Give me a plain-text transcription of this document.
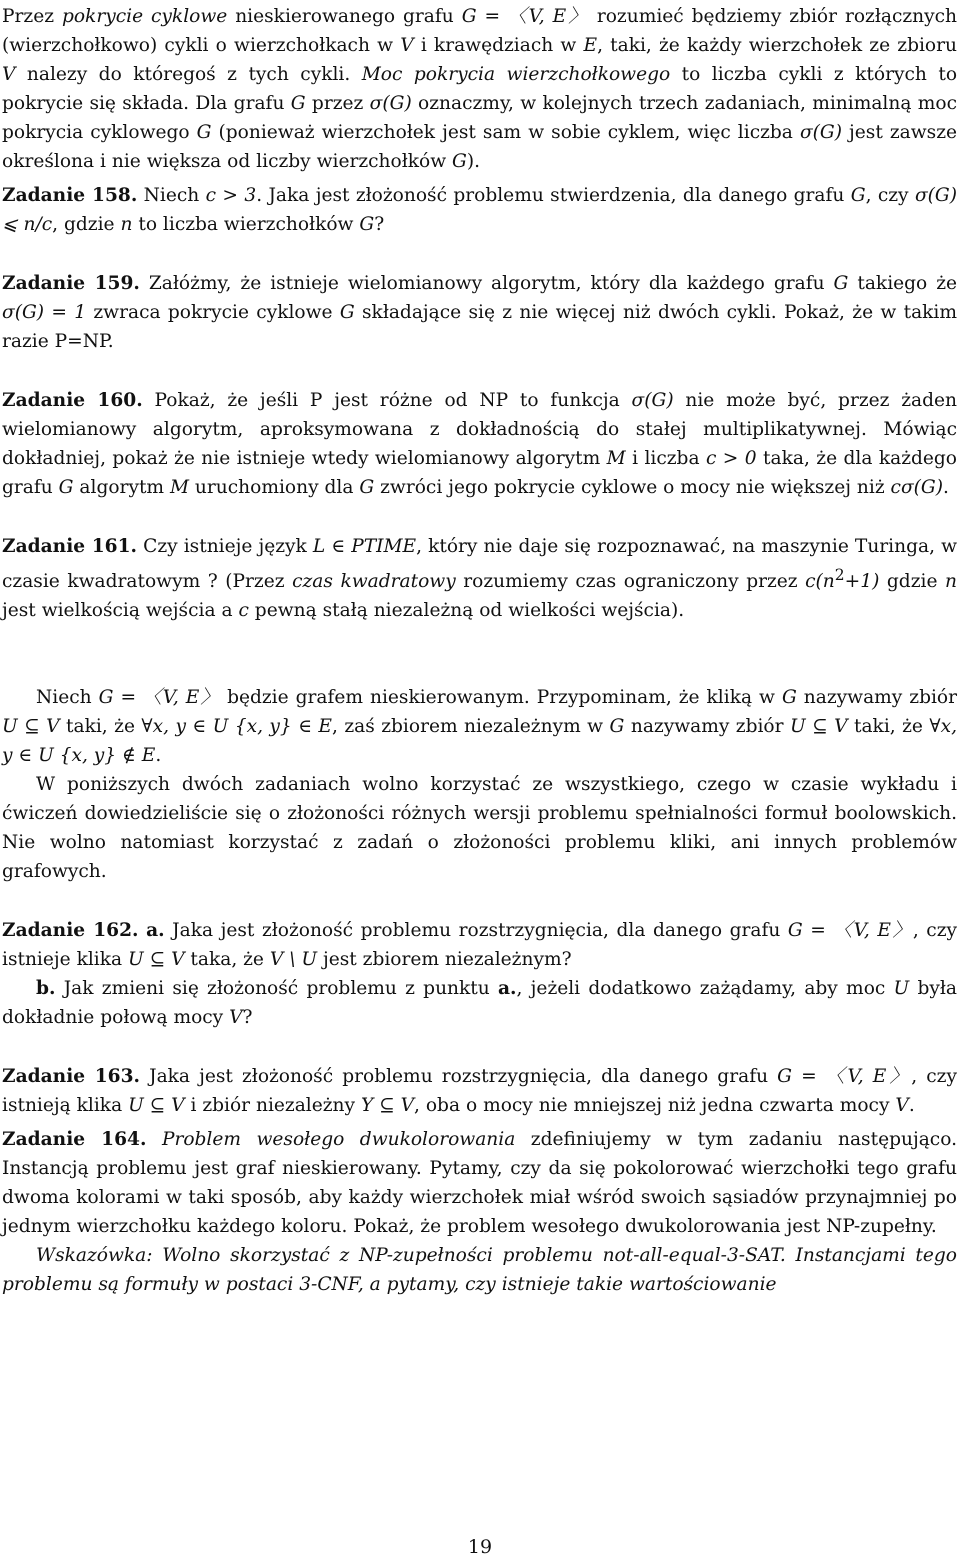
Przez pokrycie cyklowe nieskierowanego grafu G = 〈V, E〉 rozumieć będziemy zbiór rozłącznych (wierzchołkowo) cykli o wierzchołkach w V i krawędziach w E, taki, że każdy wierzchołek ze zbioru V nalezy do któregoś z tych cykli. Moc pokrycia wierzchołkowego to liczba cykli z których to pokrycie się składa. Dla grafu G przez σ(G) oznaczmy, w kolejnych trzech zadaniach, minimalną moc pokrycia cyklowego G (ponieważ wierzchołek jest sam w sobie cyklem, więc liczba σ(G) jest zawsze określona i nie większa od liczby wierzchołków G).

Zadanie 158. Niech c > 3. Jaka jest złożoność problemu stwierdzenia, dla danego grafu G, czy σ(G) ⩽ n/c, gdzie n to liczba wierzchołków G?

Zadanie 159. Załóżmy, że istnieje wielomianowy algorytm, który dla każdego grafu G takiego że σ(G) = 1 zwraca pokrycie cyklowe G składające się z nie więcej niż dwóch cykli. Pokaż, że w takim razie P=NP.

Zadanie 160. Pokaż, że jeśli P jest różne od NP to funkcja σ(G) nie może być, przez żaden wielomianowy algorytm, aproksymowana z dokładnością do stałej multiplikatywnej. Mówiąc dokładniej, pokaż że nie istnieje wtedy wielomianowy algorytm M i liczba c > 0 taka, że dla każdego grafu G algorytm M uruchomiony dla G zwróci jego pokrycie cyklowe o mocy nie większej niż cσ(G).

Zadanie 161. Czy istnieje język L ∈ PTIME, który nie daje się rozpoznawać, na maszynie Turinga, w czasie kwadratowym ? (Przez czas kwadratowy rozumiemy czas ograniczony przez $c(n^2+1)$ gdzie n jest wielkością wejścia a c pewną stałą niezależną od wielkości wejścia).

Niech G = 〈V, E〉 będzie grafem nieskierowanym. Przypominam, że kliką w G nazywamy zbiór U ⊆ V taki, że ∀x, y ∈ U {x, y} ∈ E, zaś zbiorem niezależnym w G nazywamy zbiór U ⊆ V taki, że ∀x, y ∈ U {x, y} ∉ E.

W poniższych dwóch zadaniach wolno korzystać ze wszystkiego, czego w czasie wykładu i ćwiczeń dowiedzieliście się o złożoności różnych wersji problemu spełnialności formuł boolowskich. Nie wolno natomiast korzystać z zadań o złożoności problemu kliki, ani innych problemów grafowych.

Zadanie 162. a. Jaka jest złożoność problemu rozstrzygnięcia, dla danego grafu G = 〈V, E〉, czy istnieje klika U ⊆ V taka, że V \ U jest zbiorem niezależnym?

b. Jak zmieni się złożoność problemu z punktu a., jeżeli dodatkowo zażądamy, aby moc U była dokładnie połową mocy V?

Zadanie 163. Jaka jest złożoność problemu rozstrzygnięcia, dla danego grafu G = 〈V, E〉, czy istnieją klika U ⊆ V i zbiór niezależny Y ⊆ V, oba o mocy nie mniejszej niż jedna czwarta mocy V.

Zadanie 164. Problem wesołego dwukolorowania zdefiniujemy w tym zadaniu następująco. Instancją problemu jest graf nieskierowany. Pytamy, czy da się pokolorować wierzchołki tego grafu dwoma kolorami w taki sposób, aby każdy wierzchołek miał wśród swoich sąsiadów przynajmniej po jednym wierzchołku każdego koloru. Pokaż, że problem wesołego dwukolorowania jest NP-zupełny.

Wskazówka: Wolno skorzystać z NP-zupełności problemu not-all-equal-3-SAT. Instancjami tego problemu są formuły w postaci 3-CNF, a pytamy, czy istnieje takie wartościowanie

19
